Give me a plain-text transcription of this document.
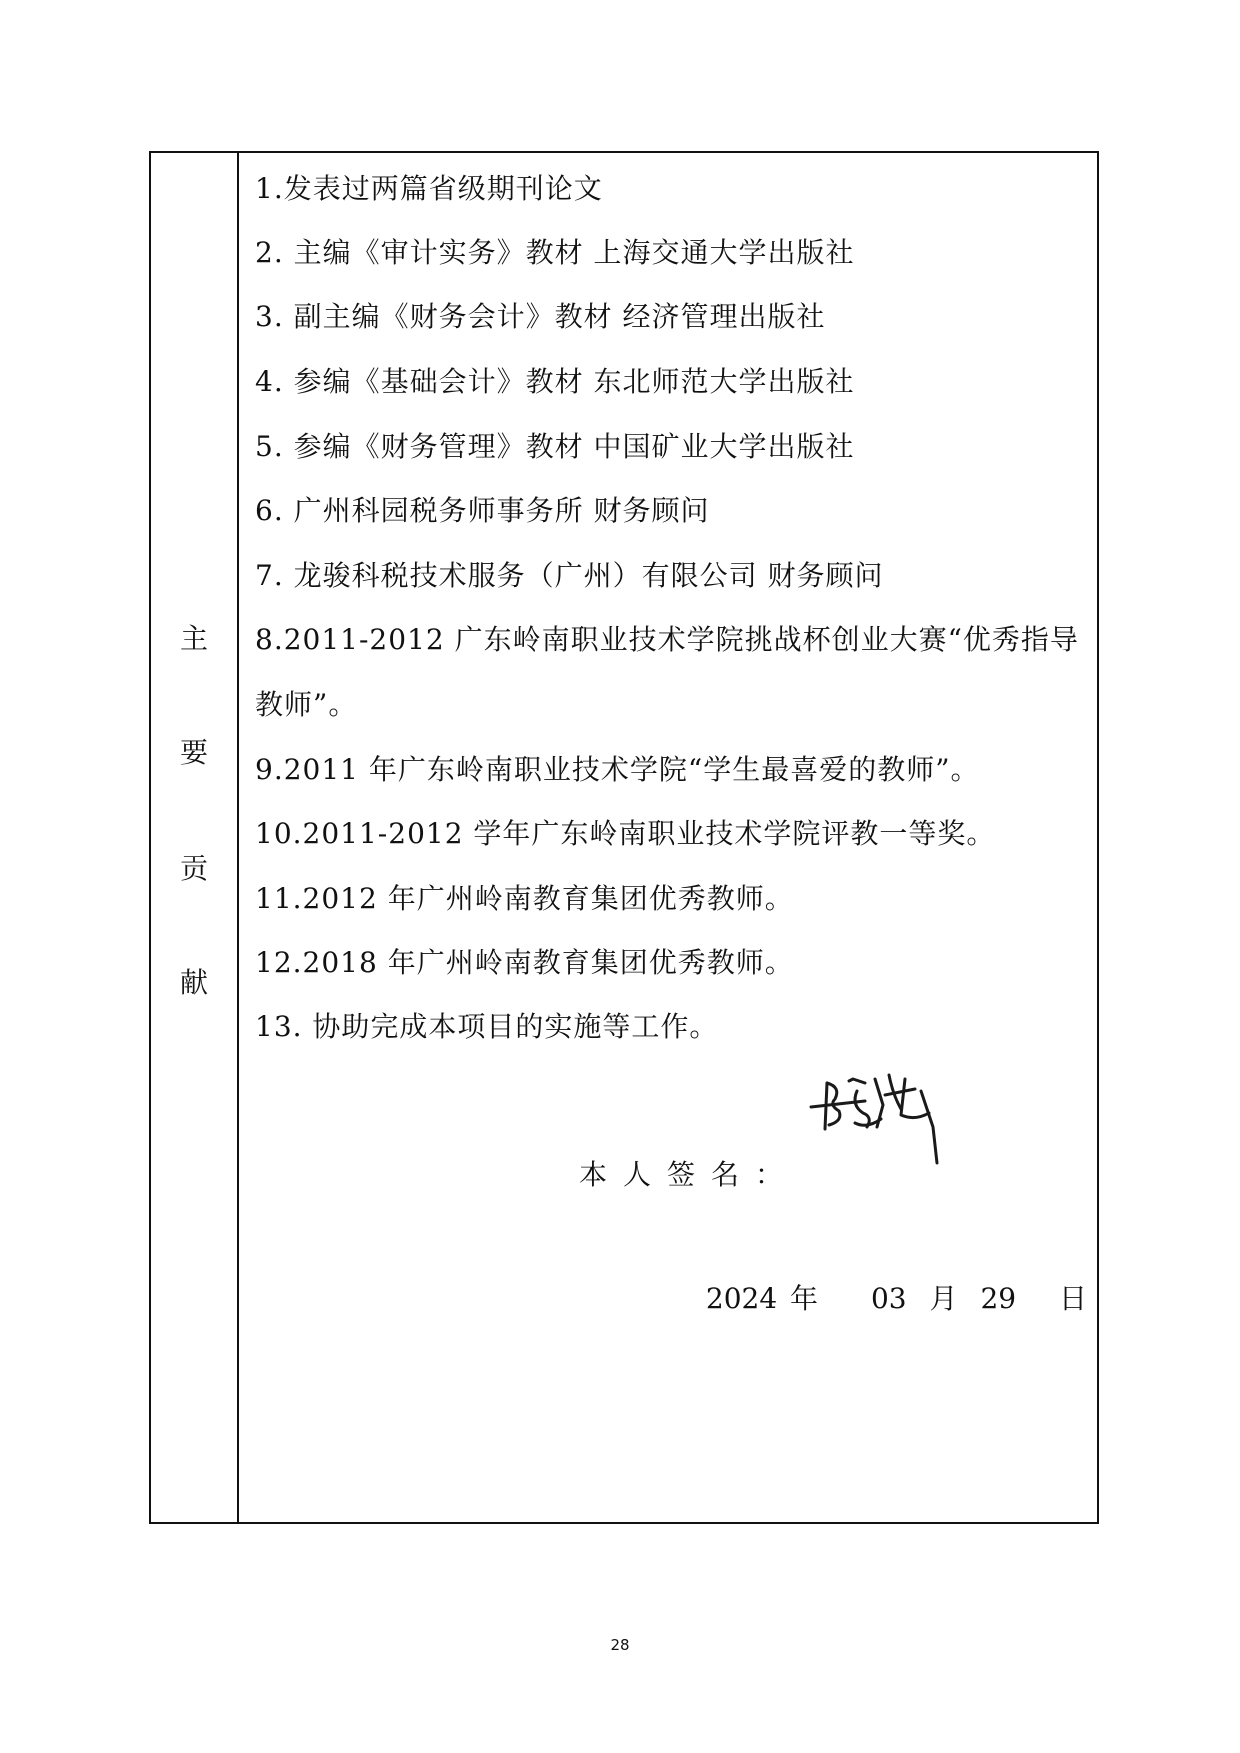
主
要
贡
献
1.发表过两篇省级期刊论文
2. 主编《审计实务》教材 上海交通大学出版社
3. 副主编《财务会计》教材 经济管理出版社
4. 参编《基础会计》教材 东北师范大学出版社
5. 参编《财务管理》教材 中国矿业大学出版社
6. 广州科园税务师事务所 财务顾问
7. 龙骏科税技术服务（广州）有限公司 财务顾问
8.2011-2012 广东岭南职业技术学院挑战杯创业大赛“优秀指导教师”。
9.2011 年广东岭南职业技术学院“学生最喜爱的教师”。
10.2011-2012 学年广东岭南职业技术学院评教一等奖。
11.2012 年广州岭南教育集团优秀教师。
12.2018 年广州岭南教育集团优秀教师。
13. 协助完成本项目的实施等工作。
本人签名：
2024 年 03 月 29 日
28
